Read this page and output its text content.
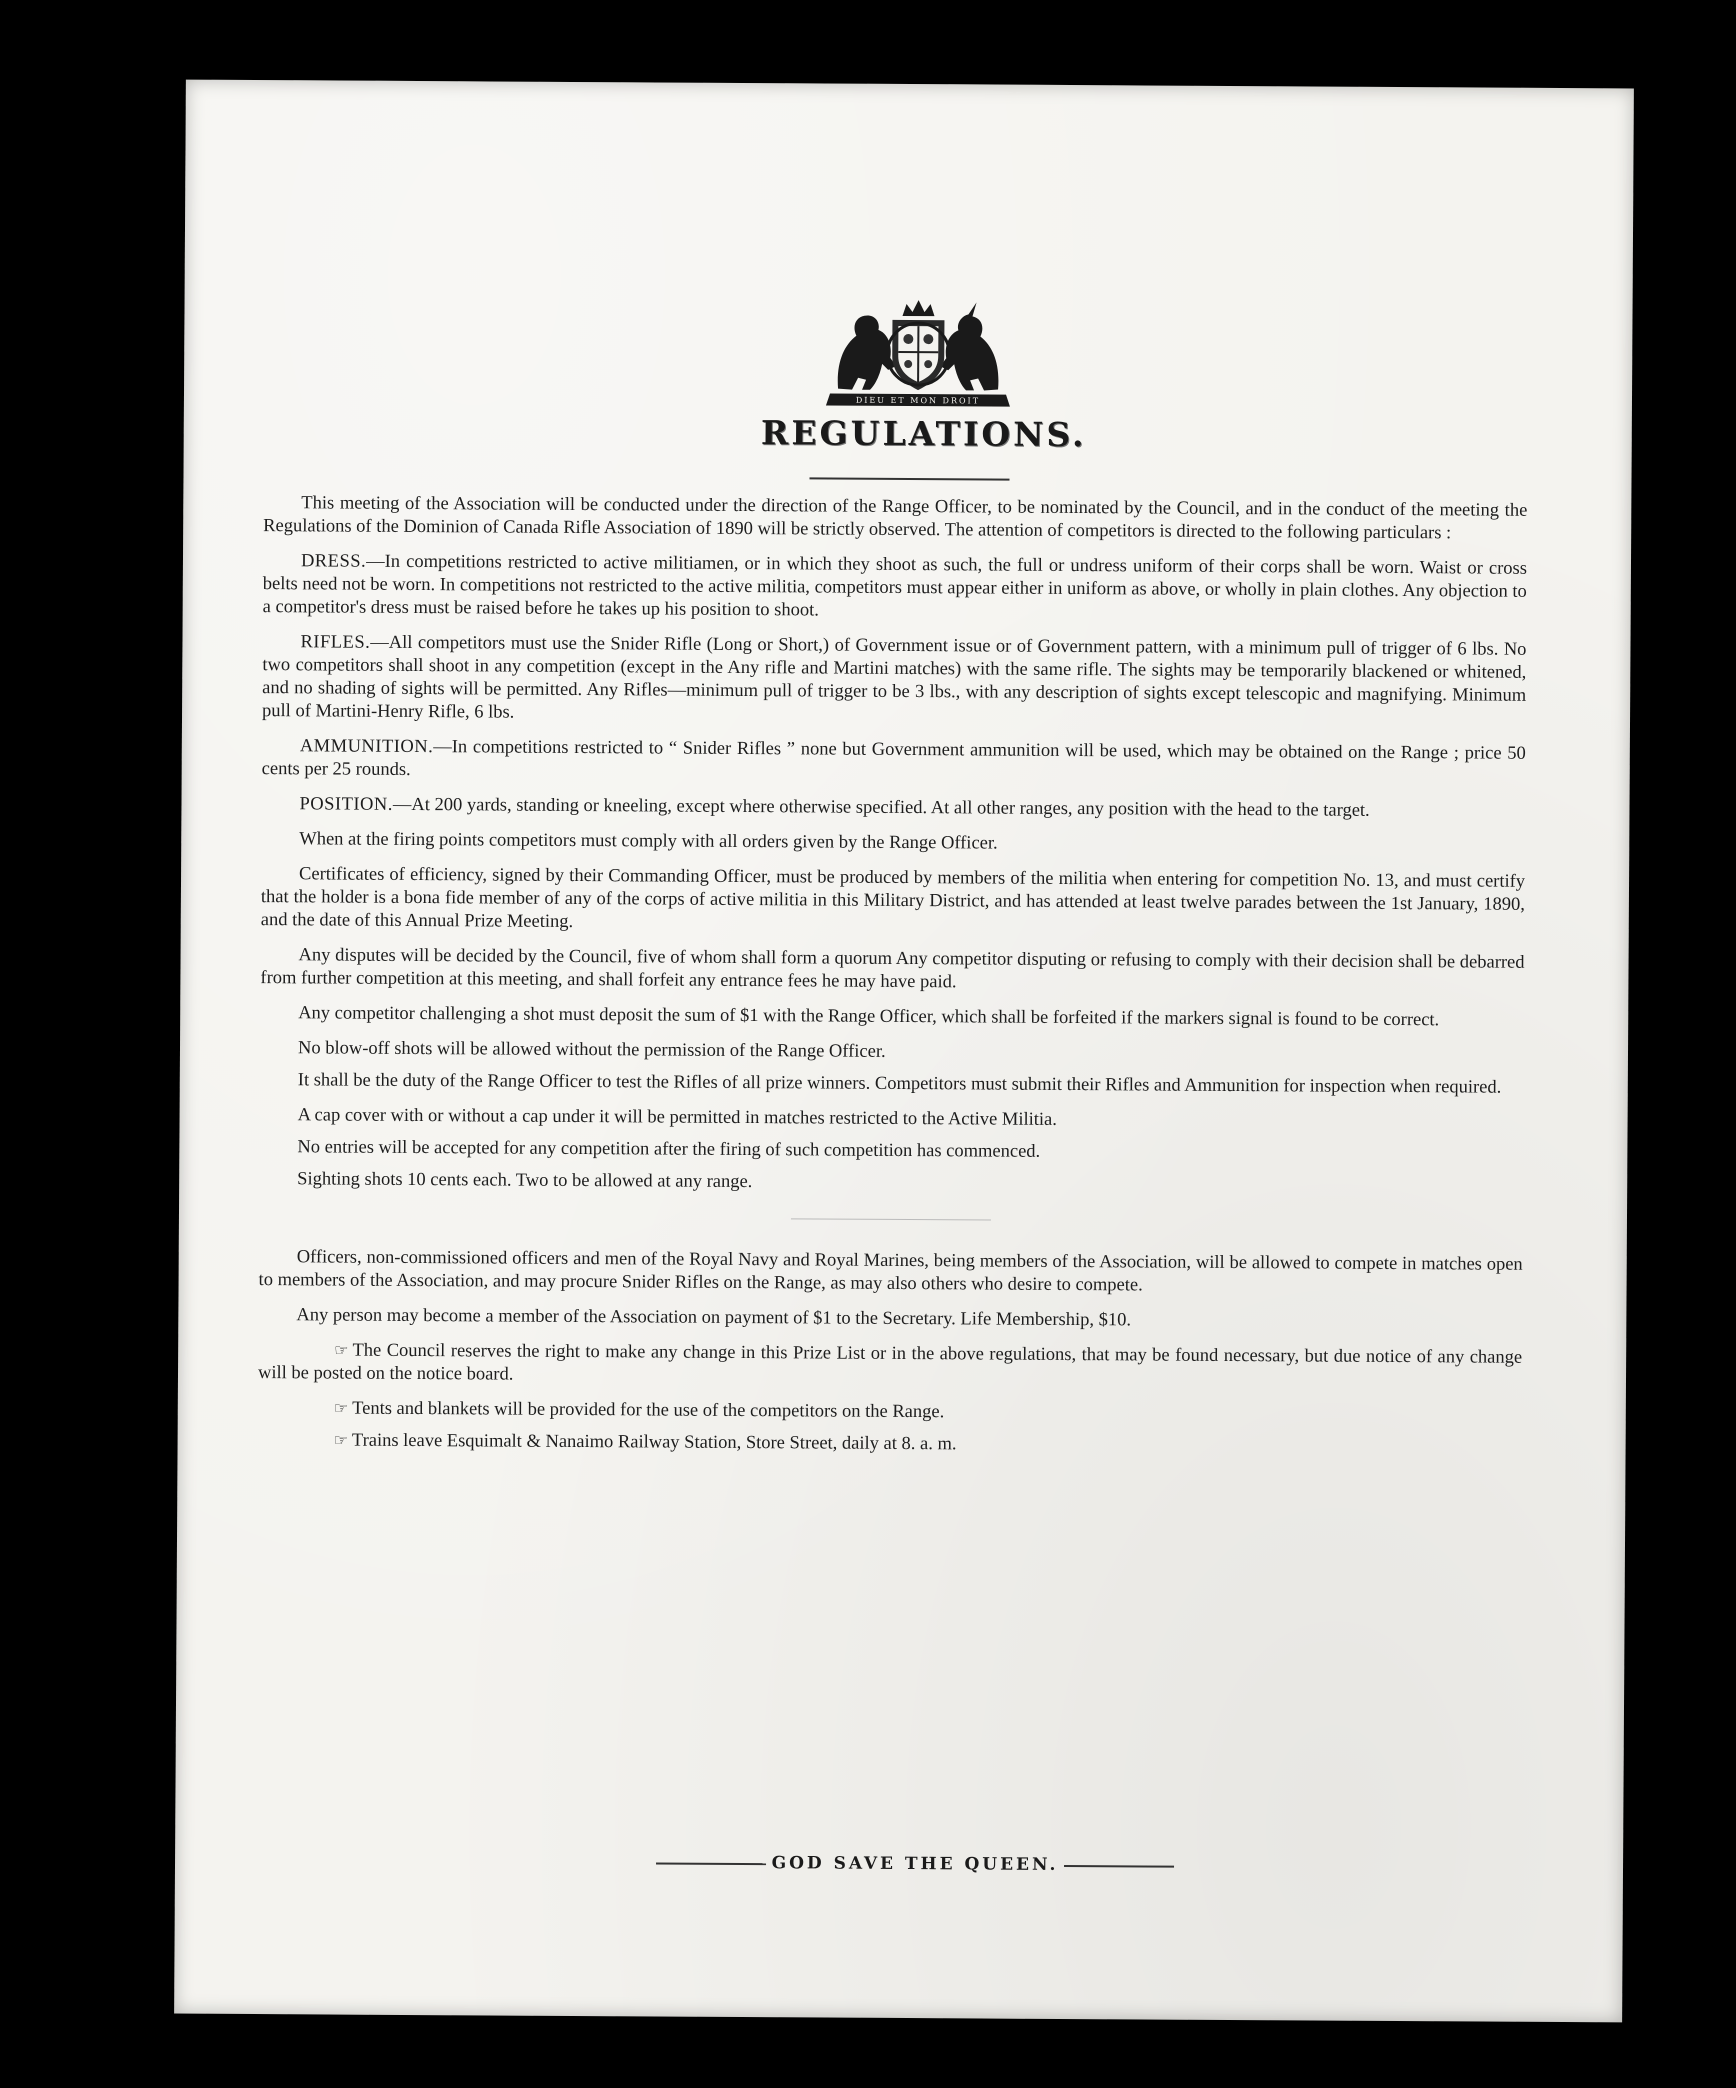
DIEU ET MON DROIT
REGULATIONS.

This meeting of the Association will be conducted under the direction of the Range Officer, to be nominated by the Council, and in the conduct of the meeting the Regulations of the Dominion of Canada Rifle Association of 1890 will be strictly observed. The attention of competitors is directed to the following particulars :

DRESS.—In competitions restricted to active militiamen, or in which they shoot as such, the full or undress uniform of their corps shall be worn. Waist or cross belts need not be worn. In competitions not restricted to the active militia, competitors must appear either in uniform as above, or wholly in plain clothes. Any objection to a competitor's dress must be raised before he takes up his position to shoot.

RIFLES.—All competitors must use the Snider Rifle (Long or Short,) of Government issue or of Government pattern, with a minimum pull of trigger of 6 lbs. No two competitors shall shoot in any competition (except in the Any rifle and Martini matches) with the same rifle. The sights may be temporarily blackened or whitened, and no shading of sights will be permitted. Any Rifles—minimum pull of trigger to be 3 lbs., with any description of sights except telescopic and magnifying. Minimum pull of Martini-Henry Rifle, 6 lbs.

AMMUNITION.—In competitions restricted to “ Snider Rifles ” none but Government ammunition will be used, which may be obtained on the Range ; price 50 cents per 25 rounds.

POSITION.—At 200 yards, standing or kneeling, except where otherwise specified. At all other ranges, any position with the head to the target.

When at the firing points competitors must comply with all orders given by the Range Officer.

Certificates of efficiency, signed by their Commanding Officer, must be produced by members of the militia when entering for competition No. 13, and must certify that the holder is a bona fide member of any of the corps of active militia in this Military District, and has attended at least twelve parades between the 1st January, 1890, and the date of this Annual Prize Meeting.

Any disputes will be decided by the Council, five of whom shall form a quorum Any competitor disputing or refusing to comply with their decision shall be debarred from further competition at this meeting, and shall forfeit any entrance fees he may have paid.

Any competitor challenging a shot must deposit the sum of $1 with the Range Officer, which shall be forfeited if the markers signal is found to be correct.

No blow-off shots will be allowed without the permission of the Range Officer.

It shall be the duty of the Range Officer to test the Rifles of all prize winners. Competitors must submit their Rifles and Ammunition for inspection when required.

A cap cover with or without a cap under it will be permitted in matches restricted to the Active Militia.

No entries will be accepted for any competition after the firing of such competition has commenced.

Sighting shots 10 cents each. Two to be allowed at any range.

Officers, non-commissioned officers and men of the Royal Navy and Royal Marines, being members of the Association, will be allowed to compete in matches open to members of the Association, and may procure Snider Rifles on the Range, as may also others who desire to compete.

Any person may become a member of the Association on payment of $1 to the Secretary. Life Membership, $10.

☞ The Council reserves the right to make any change in this Prize List or in the above regulations, that may be found necessary, but due notice of any change will be posted on the notice board.

☞ Tents and blankets will be provided for the use of the competitors on the Range.

☞ Trains leave Esquimalt & Nanaimo Railway Station, Store Street, daily at 8. a. m.

GOD SAVE THE QUEEN.
